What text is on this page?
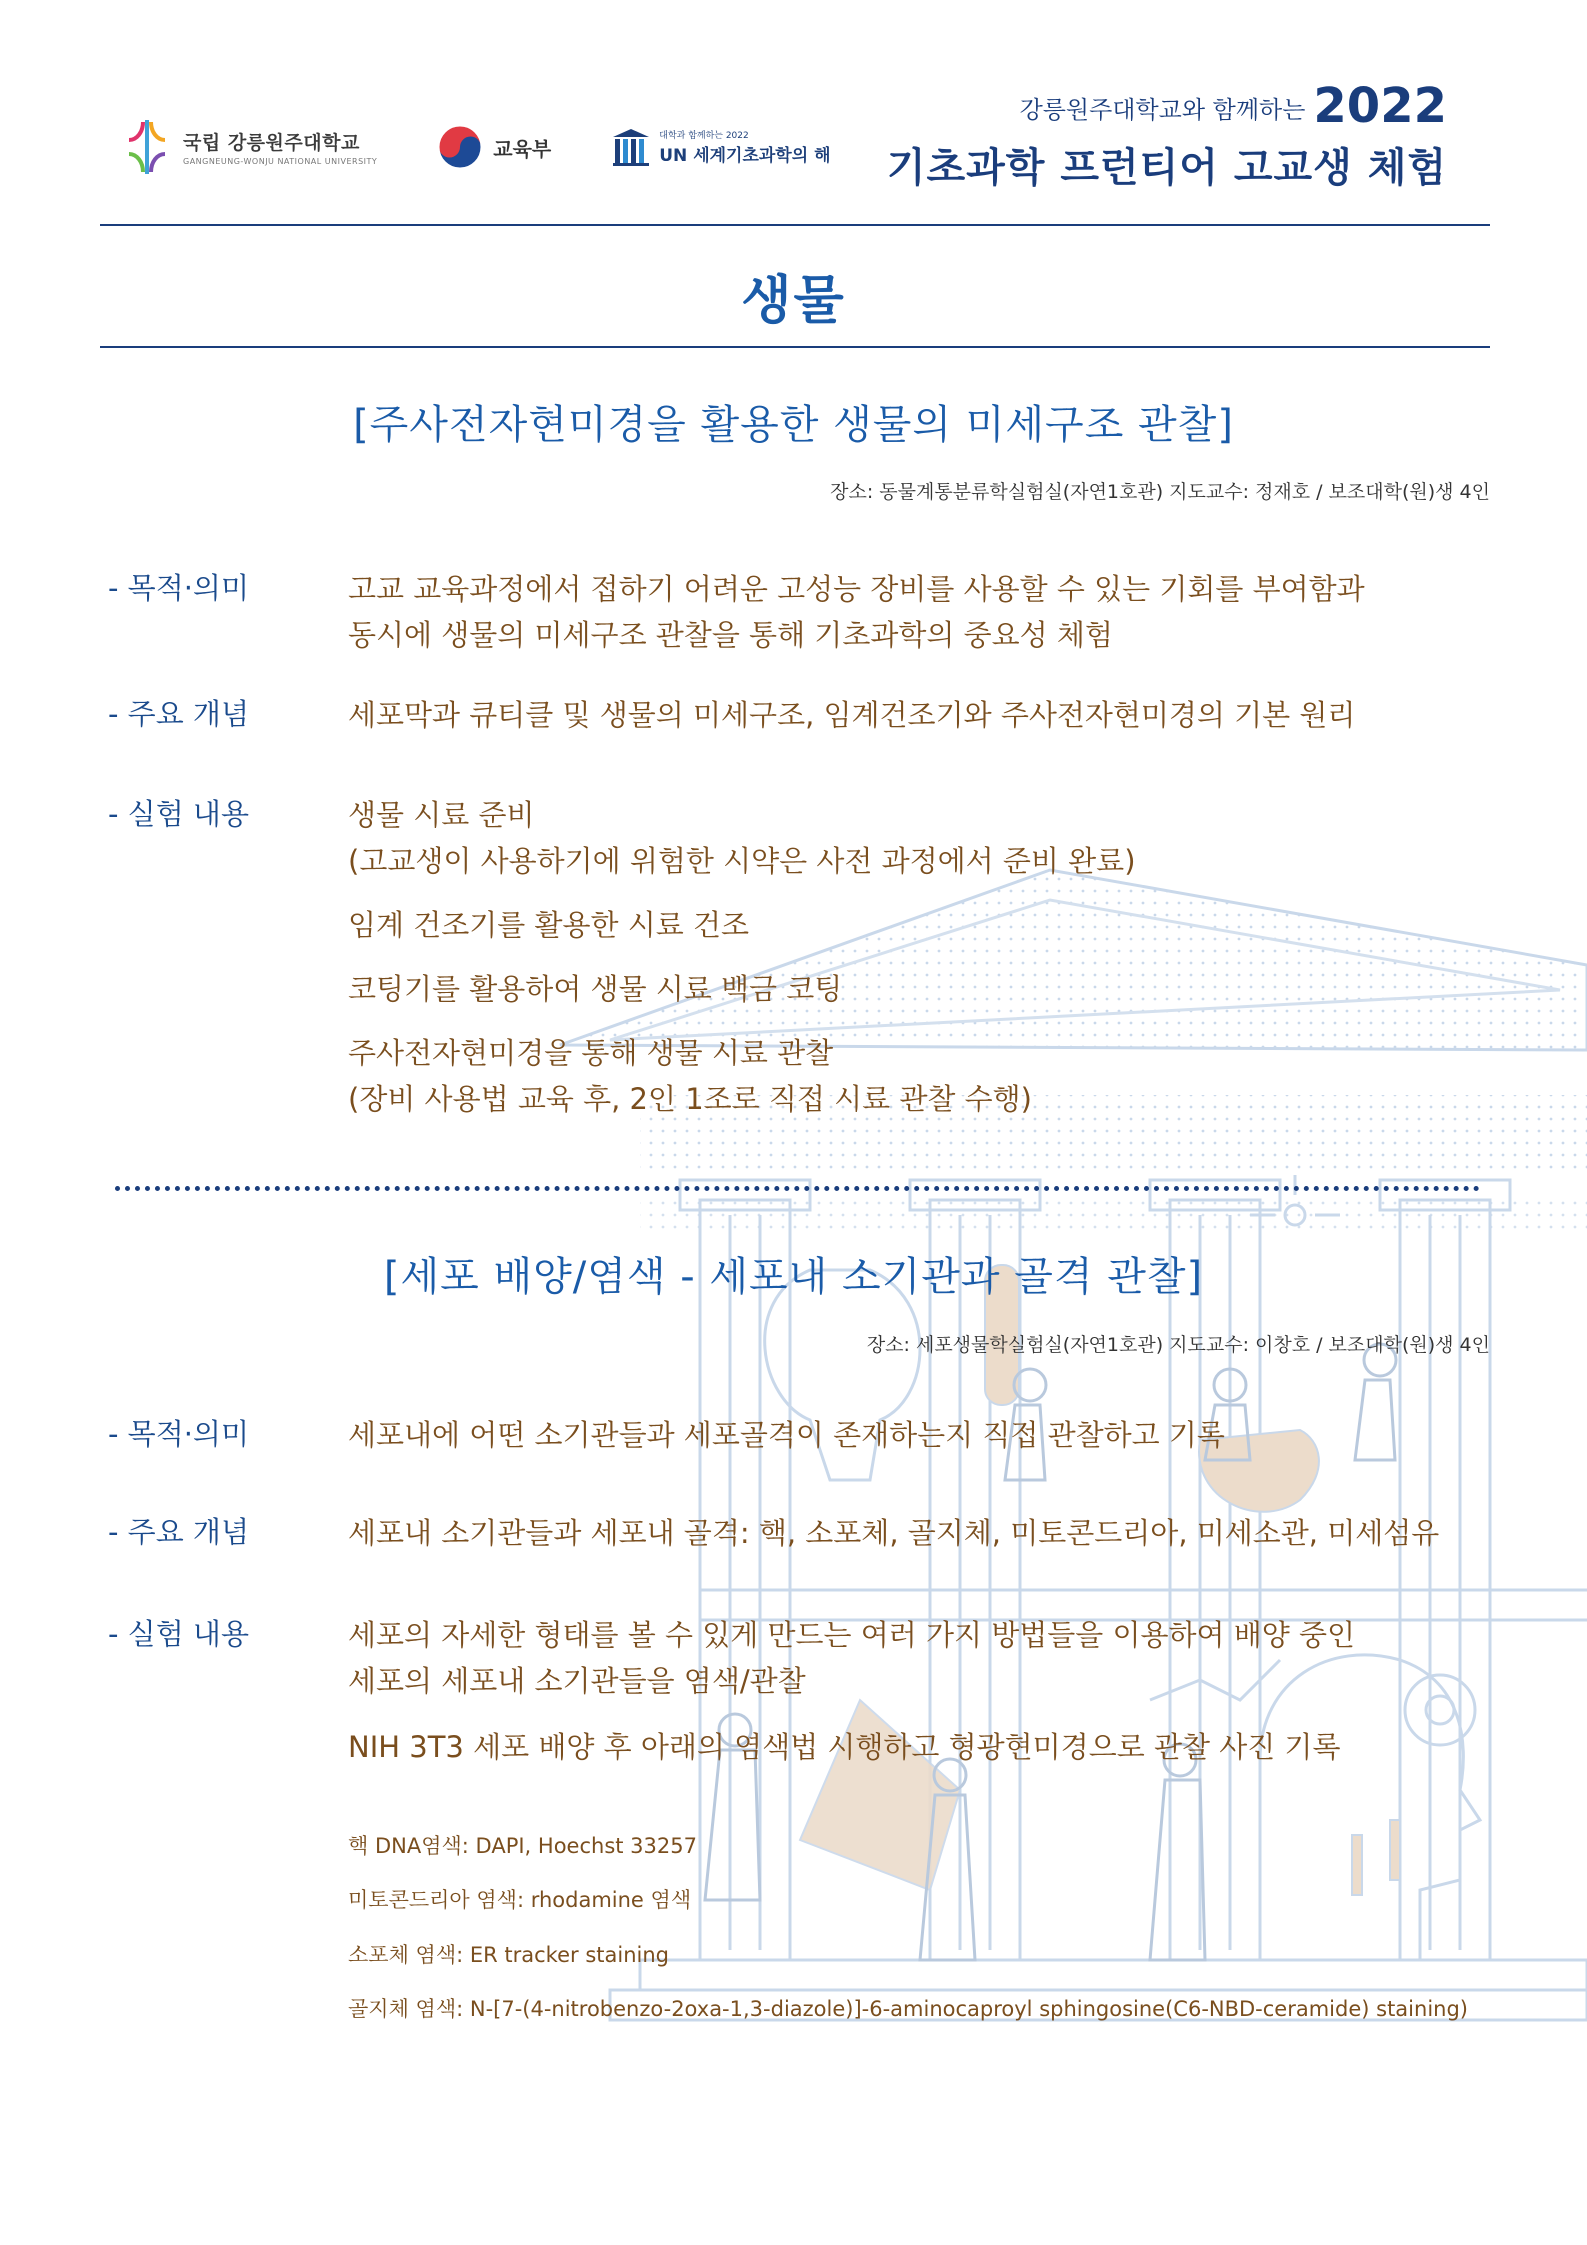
국립 강릉원주대학교
GANGNEUNG-WONJU NATIONAL UNIVERSITY
교육부
대학과 함께하는 2022
UN 세계기초과학의 해
강릉원주대학교와 함께하는 2022
기초과학 프런티어 고교생 체험
생물
[주사전자현미경을 활용한 생물의 미세구조 관찰]
장소: 동물계통분류학실험실(자연1호관) 지도교수: 정재호 / 보조대학(원)생 4인
- 목적·의미	고교 교육과정에서 접하기 어려운 고성능 장비를 사용할 수 있는 기회를 부여함과
동시에 생물의 미세구조 관찰을 통해 기초과학의 중요성 체험
- 주요 개념	세포막과 큐티클 및 생물의 미세구조, 임계건조기와 주사전자현미경의 기본 원리
- 실험 내용	생물 시료 준비
(고교생이 사용하기에 위험한 시약은 사전 과정에서 준비 완료)
임계 건조기를 활용한 시료 건조
코팅기를 활용하여 생물 시료 백금 코팅
주사전자현미경을 통해 생물 시료 관찰
(장비 사용법 교육 후, 2인 1조로 직접 시료 관찰 수행)
[세포 배양/염색 - 세포내 소기관과 골격 관찰]
장소: 세포생물학실험실(자연1호관) 지도교수: 이창호 / 보조대학(원)생 4인
- 목적·의미	세포내에 어떤 소기관들과 세포골격이 존재하는지 직접 관찰하고 기록
- 주요 개념	세포내 소기관들과 세포내 골격: 핵, 소포체, 골지체, 미토콘드리아, 미세소관, 미세섬유
- 실험 내용	세포의 자세한 형태를 볼 수 있게 만드는 여러 가지 방법들을 이용하여 배양 중인
세포의 세포내 소기관들을 염색/관찰
NIH 3T3 세포 배양 후 아래의 염색법 시행하고 형광현미경으로 관찰 사진 기록
핵 DNA염색: DAPI, Hoechst 33257
미토콘드리아 염색: rhodamine 염색
소포체 염색: ER tracker staining
골지체 염색: N-[7-(4-nitrobenzo-2oxa-1,3-diazole)]-6-aminocaproyl sphingosine(C6-NBD-ceramide) staining)
